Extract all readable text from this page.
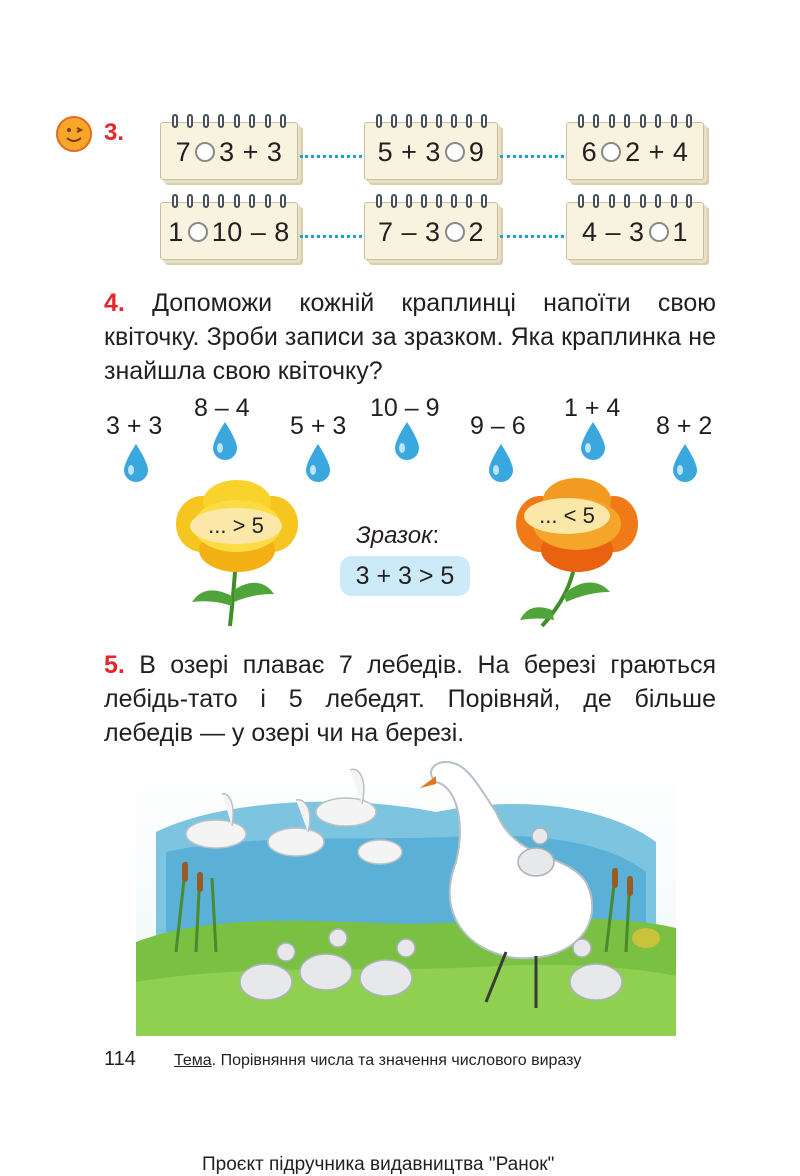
3.
7 3 + 3	5 + 3 9	6 2 + 4
1 10 – 8	7 – 3 2	4 – 3 1
4. Допоможи кожній краплинці напоїти свою квіточку. Зроби записи за зразком. Яка краплинка не знайшла свою квіточку?
3 + 3
8 – 4
5 + 3
10 – 9
9 – 6
1 + 4
8 + 2
... > 5	Зразок:
3 + 3 > 5
... < 5
5. В озері плаває 7 лебедів. На березі граються лебідь-тато і 5 лебедят. Порівняй, де більше лебедів — у озері чи на березі.
114 Тема. Порівняння числа та значення числового виразу
Проєкт підручника видавництва "Ранок"
